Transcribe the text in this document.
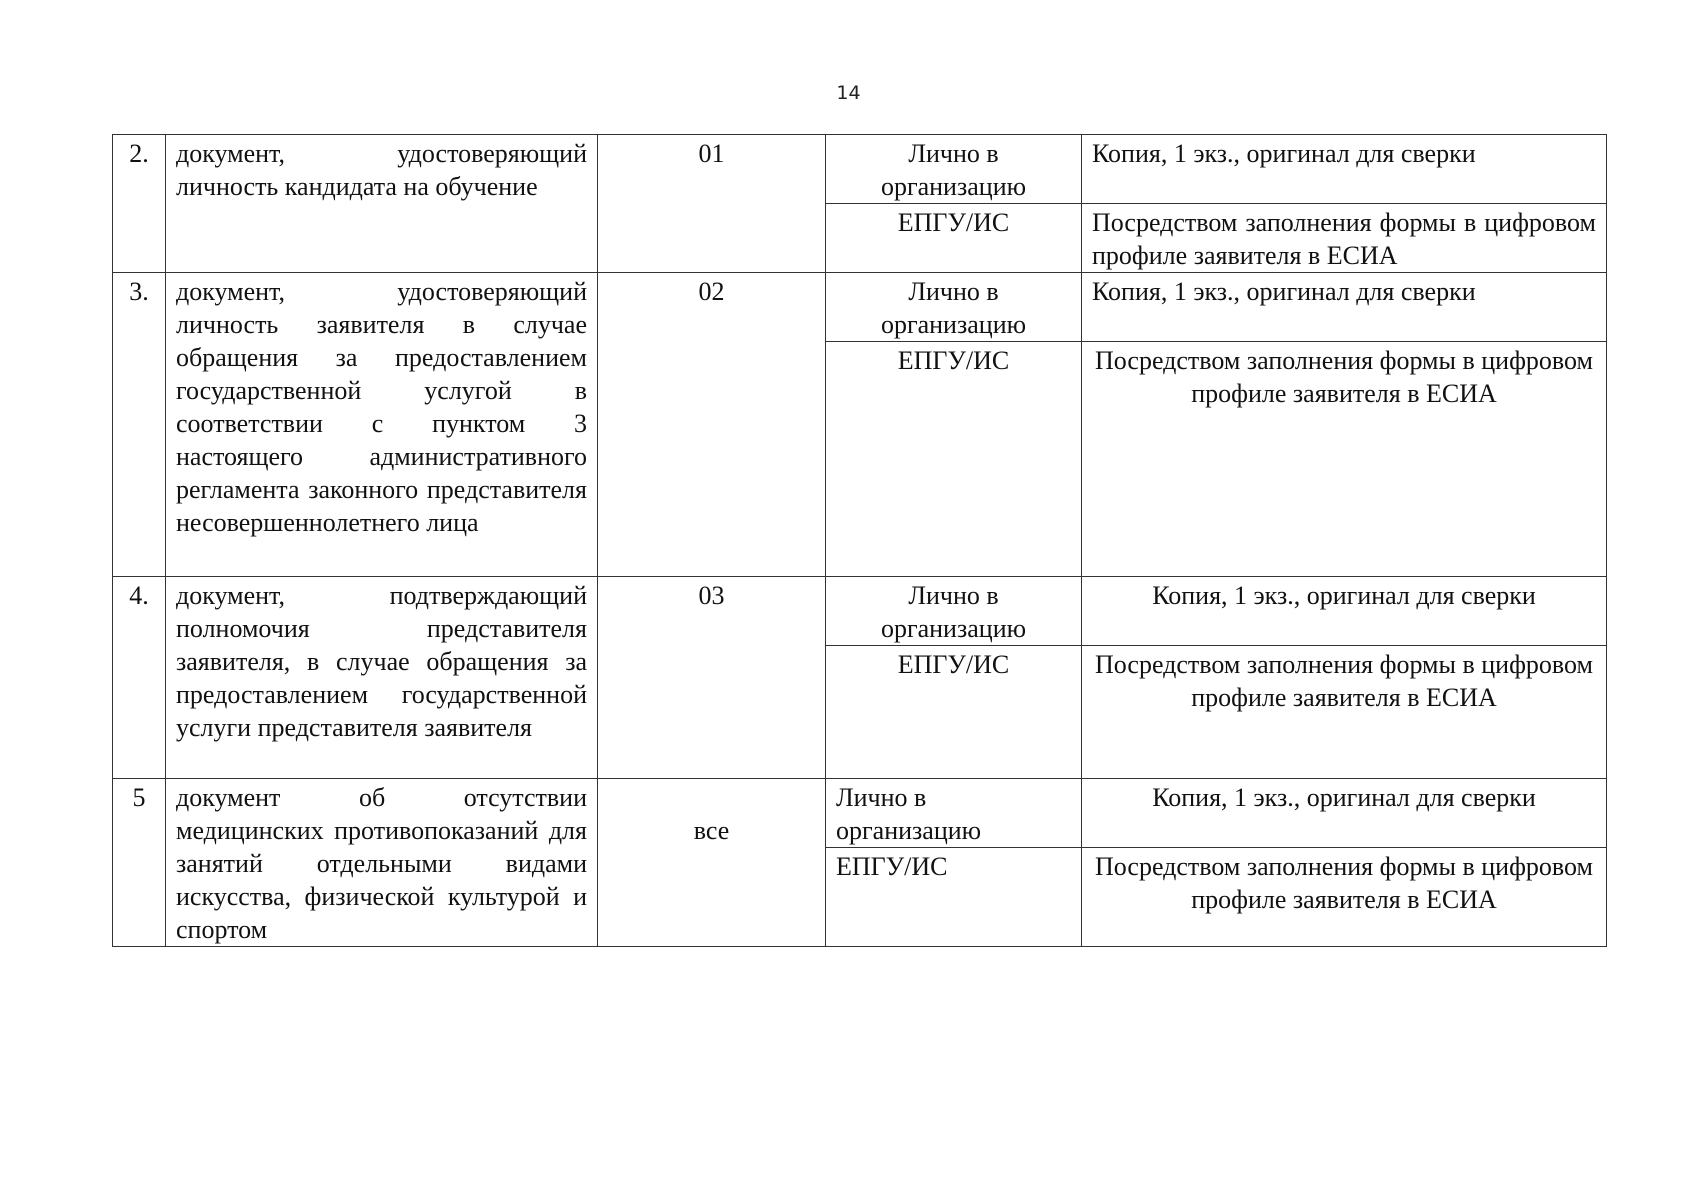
14
2.	документ, удостоверяющий личность кандидата на обучение	01	Лично в организацию	Копия, 1 экз., оригинал для сверки
			ЕПГУ/ИС	Посредством заполнения формы в цифровом профиле заявителя в ЕСИА
3.	документ, удостоверяющий личность заявителя в случае обращения за предоставлением государственной услугой в соответствии с пунктом 3 настоящего административного регламента законного представителя несовершеннолетнего лица	02	Лично в организацию	Копия, 1 экз., оригинал для сверки
			ЕПГУ/ИС	Посредством заполнения формы в цифровом профиле заявителя в ЕСИА
4.	документ, подтверждающий полномочия представителя заявителя, в случае обращения за предоставлением государственной услуги представителя заявителя	03	Лично в организацию	Копия, 1 экз., оригинал для сверки
			ЕПГУ/ИС	Посредством заполнения формы в цифровом профиле заявителя в ЕСИА
5	документ об отсутствии медицинских противопоказаний для занятий отдельными видами искусства, физической культурой и спортом	все	Лично в организацию	Копия, 1 экз., оригинал для сверки
			ЕПГУ/ИС	Посредством заполнения формы в цифровом профиле заявителя в ЕСИА
